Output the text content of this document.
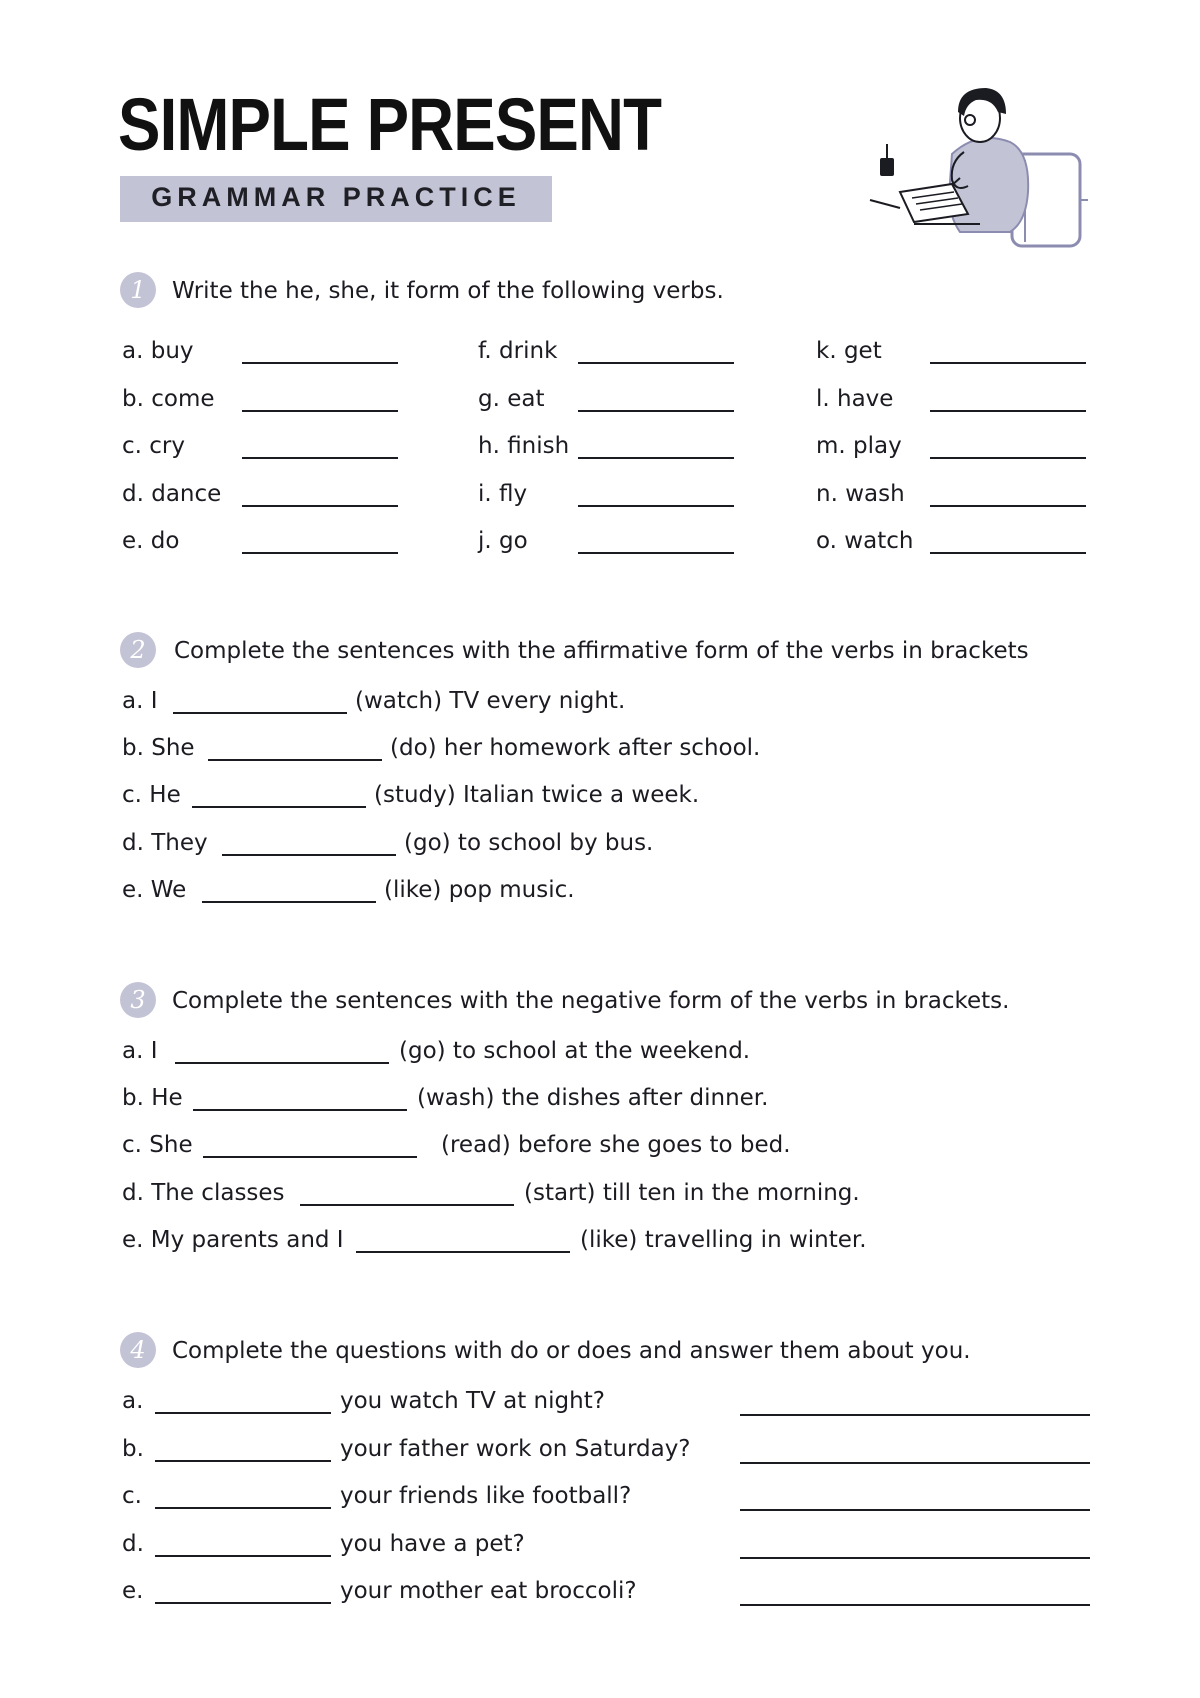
SIMPLE PRESENT
GRAMMAR PRACTICE
1	Write the he, she, it form of the following verbs.
2	Complete the sentences with the affirmative form of the verbs in brackets
3	Complete the sentences with the negative form of the verbs in brackets.
4	Complete the questions with do or does and answer them about you.
a. buy
b. come
c. cry
d. dance
e. do
f. drink
g. eat
h. finish
i. fly
j. go
k. get
l. have
m. play
n. wash
o. watch
a. I	(watch) TV every night.
b. She	(do) her homework after school.
c. He	(study) Italian twice a week.
d. They	(go) to school by bus.
e. We	(like) pop music.
a. I	(go) to school at the weekend.
b. He	(wash) the dishes after dinner.
c. She	(read) before she goes to bed.
d. The classes	(start) till ten in the morning.
e. My parents and I	(like) travelling in winter.
a.	you watch TV at night?
b.	your father work on Saturday?
c.	your friends like football?
d.	you have a pet?
e.	your mother eat broccoli?
